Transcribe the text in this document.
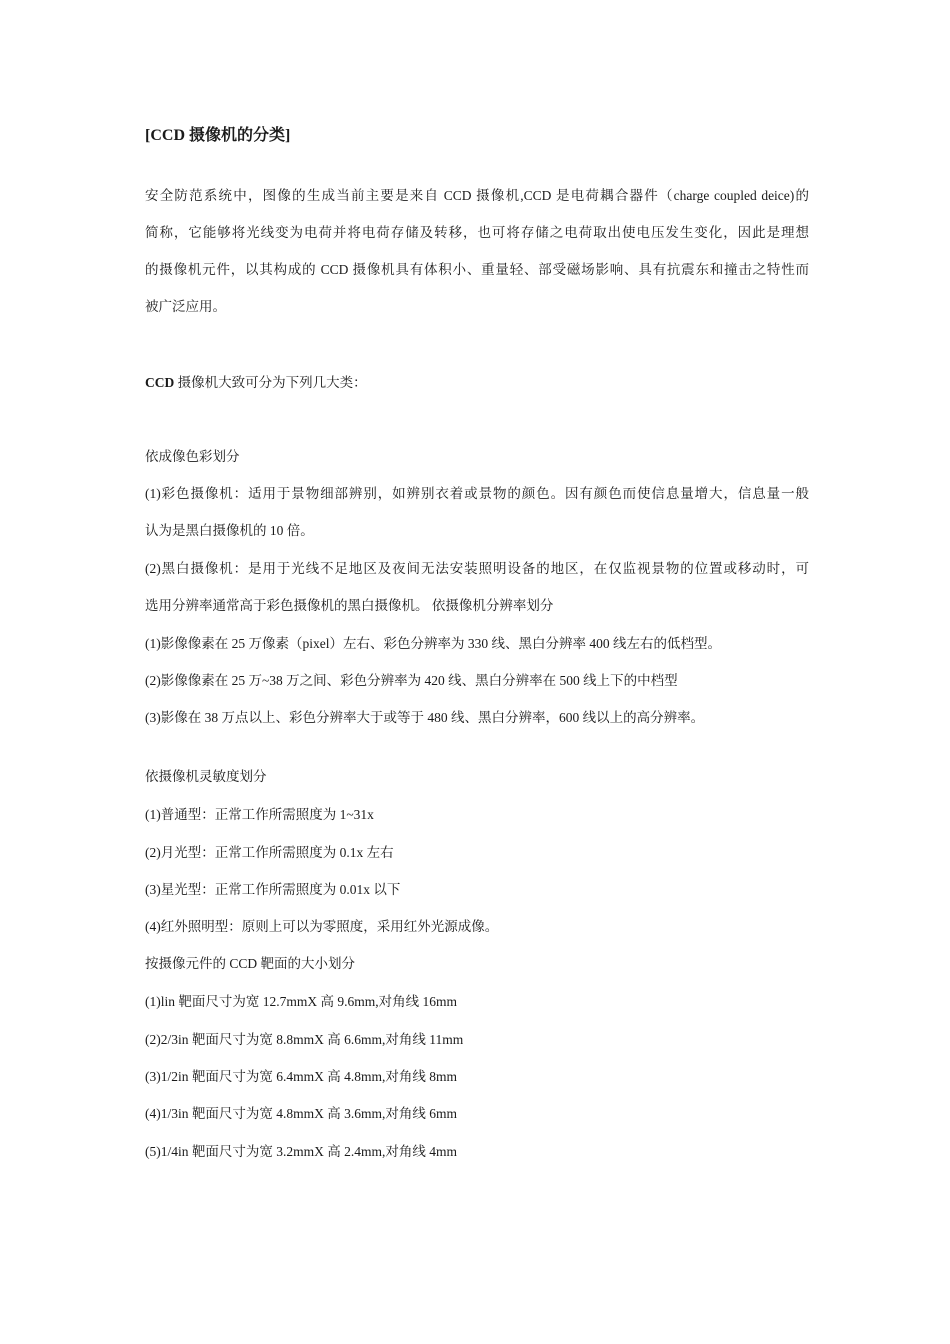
[CCD 摄像机的分类]

安全防范系统中，图像的生成当前主要是来自 CCD 摄像机,CCD 是电荷耦合器件（charge coupled deice)的

简称，它能够将光线变为电荷并将电荷存储及转移，也可将存储之电荷取出使电压发生变化，因此是理想

的摄像机元件，以其构成的 CCD 摄像机具有体积小、重量轻、部受磁场影响、具有抗震东和撞击之特性而

被广泛应用。

CCD 摄像机大致可分为下列几大类：

依成像色彩划分

(1)彩色摄像机：适用于景物细部辨别，如辨别衣着或景物的颜色。因有颜色而使信息量增大，信息量一般

认为是黑白摄像机的 10 倍。

(2)黑白摄像机：是用于光线不足地区及夜间无法安装照明设备的地区，在仅监视景物的位置或移动时，可

选用分辨率通常高于彩色摄像机的黑白摄像机。 依摄像机分辨率划分

(1)影像像素在 25 万像素（pixel）左右、彩色分辨率为 330 线、黑白分辨率 400 线左右的低档型。

(2)影像像素在 25 万~38 万之间、彩色分辨率为 420 线、黑白分辨率在 500 线上下的中档型

(3)影像在 38 万点以上、彩色分辨率大于或等于 480 线、黑白分辨率，600 线以上的高分辨率。

依摄像机灵敏度划分

(1)普通型：正常工作所需照度为 1~31x

(2)月光型：正常工作所需照度为 0.1x 左右

(3)星光型：正常工作所需照度为 0.01x 以下

(4)红外照明型：原则上可以为零照度，采用红外光源成像。

按摄像元件的 CCD 靶面的大小划分

(1)lin 靶面尺寸为宽 12.7mmX 高 9.6mm,对角线 16mm

(2)2/3in 靶面尺寸为宽 8.8mmX 高 6.6mm,对角线 11mm

(3)1/2in 靶面尺寸为宽 6.4mmX 高 4.8mm,对角线 8mm

(4)1/3in 靶面尺寸为宽 4.8mmX 高 3.6mm,对角线 6mm

(5)1/4in 靶面尺寸为宽 3.2mmX 高 2.4mm,对角线 4mm
